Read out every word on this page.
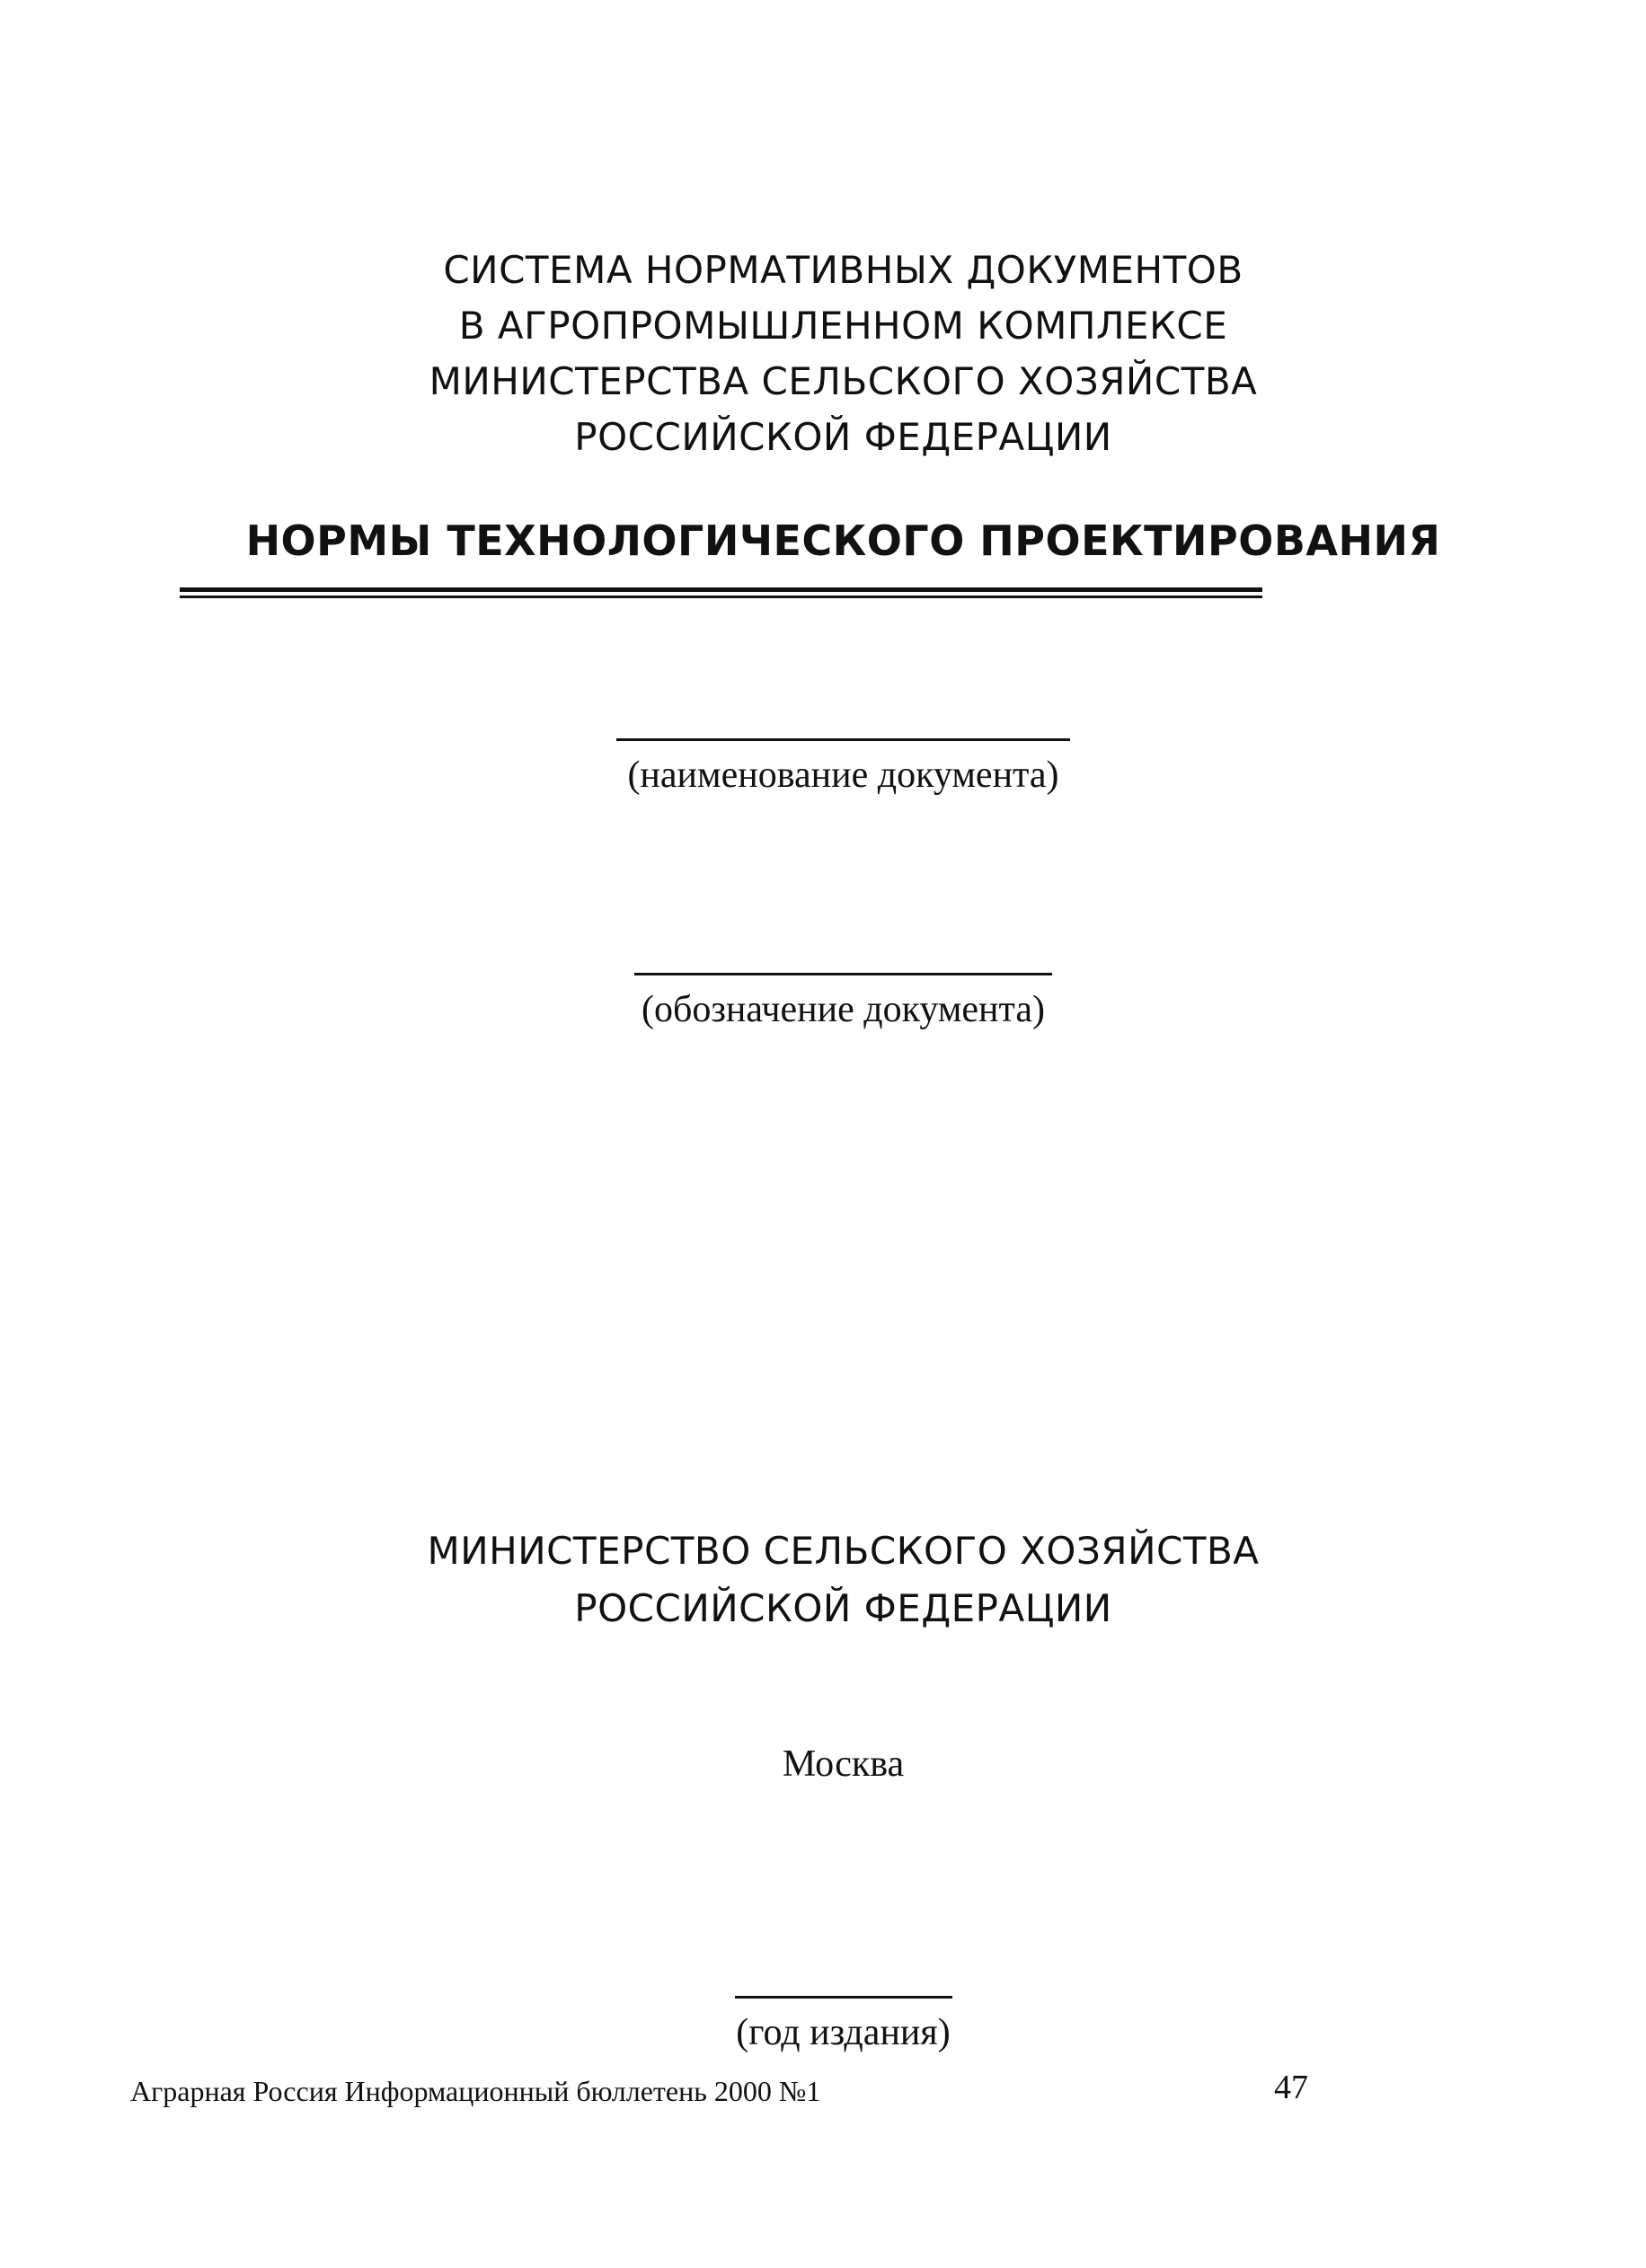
СИСТЕМА НОРМАТИВНЫХ ДОКУМЕНТОВ
В АГРОПРОМЫШЛЕННОМ КОМПЛЕКСЕ
МИНИСТЕРСТВА СЕЛЬСКОГО ХОЗЯЙСТВА
РОССИЙСКОЙ ФЕДЕРАЦИИ
НОРМЫ ТЕХНОЛОГИЧЕСКОГО ПРОЕКТИРОВАНИЯ
(наименование документа)
(обозначение документа)
МИНИСТЕРСТВО СЕЛЬСКОГО ХОЗЯЙСТВА
РОССИЙСКОЙ ФЕДЕРАЦИИ
Москва
(год издания)
Аграрная Россия Информационный бюллетень 2000 №1	47
